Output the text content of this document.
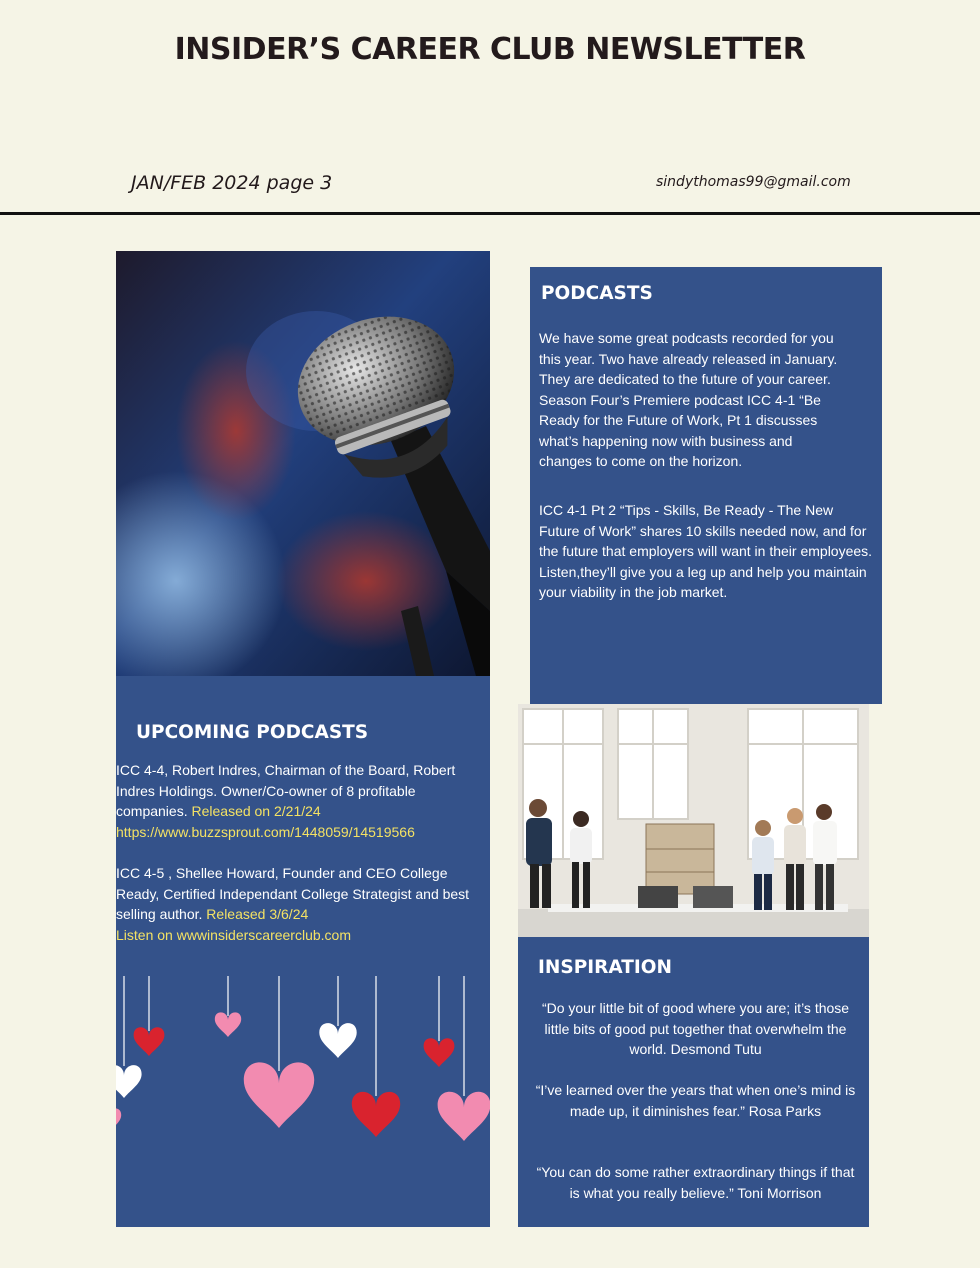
INSIDER’S CAREER CLUB NEWSLETTER
JAN/FEB 2024 page 3	sindythomas99@gmail.com
UPCOMING PODCASTS
ICC 4-4, Robert Indres, Chairman of the Board, Robert Indres Holdings. Owner/Co-owner of 8 profitable companies. Released on 2/21/24
https://www.buzzsprout.com/1448059/14519566
ICC 4-5 , Shellee Howard, Founder and CEO College Ready, Certified Independant College Strategist and best selling author. Released 3/6/24
Listen on wwwinsiderscareerclub.com
PODCASTS

We have some great podcasts recorded for you this year. Two have already released in January. They are dedicated to the future of your career. Season Four’s Premiere podcast ICC 4-1 “Be Ready for the Future of Work, Pt 1 discusses what’s happening now with business and changes to come on the horizon.

ICC 4-1 Pt 2 “Tips - Skills, Be Ready - The New Future of Work” shares 10 skills needed now, and for the future that employers will want in their employees. Listen,they’ll give you a leg up and help you maintain your viability in the job market.

INSPIRATION

“Do your little bit of good where you are; it’s those little bits of good put together that overwhelm the world. Desmond Tutu

“I’ve learned over the years that when one’s mind is made up, it diminishes fear.” Rosa Parks

“You can do some rather extraordinary things if that is what you really believe.” Toni Morrison
